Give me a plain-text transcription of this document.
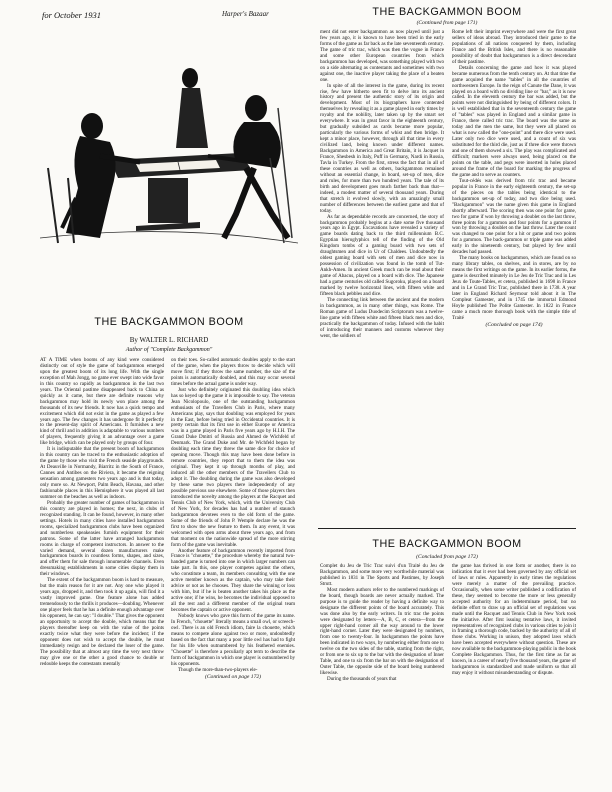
for October 1931	Harper's Bazaar
THE BACKGAMMON BOOM
By WALTER L. RICHARD
Author of "Complete Backgammon"

AT A TIME when booms of any kind were considered distinctly out of style the game of backgammon emerged upon the greatest boom of its long life. With the single exception of Mah Jongg, no game ever swept into wide favor in this country so rapidly as backgammon in the last two years. The Oriental pastime disappeared back to China as quickly as it came, but there are definite reasons why backgammon may hold its newly won place among the thousands of its new friends. It now has a quick tempo and excitement which did not exist in the game as played a few years ago. The few changes it has undergone fit it perfectly to the present-day spirit of Americans. It furnishes a new kind of thrill and in addition is adaptable to various numbers of players, frequently giving it an advantage over a game like bridge, which can be played only by groups of four.

It is indisputable that the present boom of backgammon in this country can be traced to the enthusiastic adoption of the game by those who visit the French seaside playgrounds. At Deauville in Normandy, Biarritz in the South of France, Cannes and Antibes on the Riviera, it became the reigning sensation among gamesters two years ago and is that today, only more so. At Newport, Palm Beach, Havana, and other fashionable places in this Hemisphere it was played all last summer on the beaches as well as indoors.

Probably the greater number of games of backgammon in this country are played in homes; the next, in clubs of recognized standing. It can be found, however, in many other settings. Hotels in many cities have installed backgammon rooms, specialized backgammon clubs have been organized and numberless speakeasies furnish equipment for their patrons. Some of the latter have arranged backgammon rooms in charge of competent instructors. In answer to the varied demand, several dozen manufacturers make backgammon boards in countless forms, shapes, and sizes, and offer them for sale through innumerable channels. Even dressmaking establishments in some cities display them in their windows.

The extent of the backgammon boom is hard to measure, but the main reason for it are not. Any one who played it years ago, dropped it, and then took it up again, will find it a vastly improved game. One feature alone has added tremendously to the thrills it produces—doubling. Whenever one player feels that he has a definite enough advantage over his opponent, he can say: "I double." That gives the opponent an opportunity to accept the double, which means that the players thereafter keep on with the value of the points exactly twice what they were before the incident; if the opponent does not wish to accept the double, he must immediately resign and be declared the loser of the game. The possibility that at almost any time the very next throw may give one or the other a good chance to double or redouble keeps the contestants mentally

on their toes. So-called automatic doubles apply to the start of the game, when the players throw to decide which will move first; if they throw the same number, the size of the points is automatically doubled, and this may occur several times before the actual game is under way.

Just who definitely originated this doubling idea which has so keyed up the game it is impossible to say. The veteran Jean Nicolopoulo, one of the outstanding backgammon enthusiasts of the Travellers Club in Paris, where many Americans play, says that doubling was employed for years in the East, before being tried in Occidental countries. It is pretty certain that its first use in either Europe or America was in a game played in Paris five years ago by H.I.H. The Grand Duke Dmitri of Russia and Ahmed de Wichfeld of Denmark. The Grand Duke and Mr. de Wichfeld began by doubling each time they threw the same dice for choice of opening move. Though this may have been done before in remote countries, they report that to them the idea was original. They kept it up through months of play, and induced all the other members of the Travellers Club to adopt it. The doubling during the game was also developed by these same two players there independently of any possible previous use elsewhere. Some of those players then introduced the novelty among the players at the Racquet and Tennis Club of New York, which, with the University Club of New York, for decades has had a number of staunch backgammon devotees even to the old form of the game. Some of the friends of John P. Wemple declare he was the first to show the new feature to them. In any event, it was welcomed with open arms about three years ago, and from that moment on the nationwide spread of the more stirring form of the game was inevitable.

Another feature of backgammon recently imported from France is "chouette," the procedure whereby the natural two-handed game is turned into one in which larger numbers can take part. In this, one player competes against the others, who constitute a team, its members consulting with the one active member known as the captain, who may take their advice or not as he chooses. They share the winning or loss with him, but if he is beaten another takes his place as the active one; if he wins, he becomes the individual opposed to all the rest and a different member of the original team becomes the captain or active opponent.

Nobody knows who gave this form of the game its name. In French, "chouette" literally means a small owl, or screech-owl. There is an old French idiom, faire la chouette, which means to compete alone against two or more, undoubtedly based on the fact that many a poor little owl has had to fight for his life when outnumbered by his feathered enemies. "Chouette" is therefore a peculiarly apt term to describe the form of backgammon in which one player is outnumbered by his opponents.

Though the more-than-two-players ele-

(Continued on page 172)
THE BACKGAMMON BOOM
(Continued from page 171)

ment did not enter backgammon as now played until just a few years ago, it is known to have been tried in the early forms of the game as far back as the late seventeenth century. The game of tric trac, which was then the vogue in France and some other European countries from which backgammon has developed, was something played with two on a side alternating as contestants and sometimes with two against one, the inactive player taking the place of a beaten one.

In spite of all the interest in the game, during its recent rise, few have hitherto seen fit to delve into its ancient history and present the authentic story of its origin and development. Most of its biographers have contented themselves by revealing it as a game played in early times by royalty and the nobility, later taken up by the smart set everywhere. It was in great favor in the eighteenth century, but gradually subsided as cards became more popular, particularly the various forms of whist and then bridge. It kept a minor place, however, through all that time in every civilized land, being known under different names. Backgammon in America and Great Britain, it is Jacquet in France, Shesbesh in Italy, Puff in Germany, Nardi in Russia, Tavla in Turkey. From the first, stress the fact that in all of these countries as well as others, backgammon remained without an essential change, in board, set-up of men, dice and rules, for more than two hundred years. The tale of its birth and development goes much farther back than that—indeed, a modest matter of several thousand years. During that stretch it evolved slowly, with an amazingly small number of differences between the earliest game and that of today.

As far as dependable records are concerned, the story of backgammon probably begins at a date some five thousand years ago in Egypt. Excavations have revealed a variety of game boards dating back to the third millennium B.C. Egyptian hieroglyphics tell of the finding of the Old Kingdom tombs of a gaming board with two sets of draughtsmen and dice in Ur of Chaldees. Undoubtedly the oldest gaming board with sets of men and dice now in possession of civilization was found in the tomb of Tut-Ankh-Amen. In ancient Greek much can be read about their game of Abacus, played on a board with dice. The Japanese had a game centuries old called Sugoroku, played on a board marked by twelve horizontal lines, with fifteen white and fifteen black pebbles and dice.

The connecting link between the ancient and the modern in backgammon, as in many other things, was Rome. The Roman game of Ludus Duodecim Scriptorum was a twelve-line game with fifteen white and fifteen black men and dice, practically the backgammon of today. Infused with the habit of introducing their manners and customs wherever they went, the soldiers of

Rome left their imprint everywhere and were the first great sellers of ideas abroad. They introduced their game to the populations of all nations conquered by them, including France and the British Isles, and there is no reasonable possibility of doubt that backgammon is a direct descendant of their pastime.

Details concerning the game and how it was played became numerous from the tenth century on. At that time the game acquired the name "tables" in all the countries of northwestern Europe. In the reign of Canute the Dane, it was played on a board with no dividing line or "bar," as it is now called. In the eleventh century the bar was added, but the points were not distinguished by being of different colors. It is well established that in the seventeenth century the game of "tables" was played in England and a similar game in France, there called tric trac. The board was the same as today and the men the same, but they were all placed on what is now called the "one-point" and there dice were used. Later only two dice were used, and a count of six was substituted for the third die, just as if three dice were thrown and one of them showed a six. The play was complicated and difficult; markers were always used, being placed on the points on the table, and pegs were inserted in holes placed around the frame of the board for marking the progress of the game and to serve as counters.

Tout-cédés was derived from tric trac and became popular in France in the early eighteenth century, the set-up of the pieces on the tables being identical to the backgammon set-up of today, and two dice being used. "Backgammon" was the name given this game in England shortly afterward. The scoring then was one point for game, two for game if won by throwing a doublet on the last throw, three points for a gammon and four points for a gammon if won by throwing a doublet on the last throw. Later the count was changed to one point for a hit or game and two points for a gammon. The back-gammon or triple game was added early in the nineteenth century, but played by few until decades had passed.

The many books on backgammon, which are found on so many library tables, on shelves, and in stores, are by no means the first writings on the game. In its earlier forms, the game is described minutely in Le Jeu de Tric Trac and in Les Jeux de Toute-Tables, et cetera, published in 1698 in France and in Le Grand Tric Trac, published there in 1738. A year later in England Richard Seymour told about it in The Compleat Gamester, and in 1745 the immortal Edmond Hoyle published The Polite Gamester. In 1822 in France came a much more thorough book with the simple title of Traité

(Concluded on page 174)
THE BACKGAMMON BOOM
(Concluded from page 172)

Complet du Jeu de Tric Trac suivi d'un Traité du Jeu de Backgammon, and some more very worthwhile material was published in 1831 in The Sports and Pastimes, by Joseph Strutt.

Most modern authors refer to the numbered markings of the board, though boards are never actually marked. The purpose is to guide the reader by having a definite way to designate the different points of the board accurately. This was done also by the early writers. In tric trac the points were designated by letters—A, B, C, et cetera—from the upper right-hand corner all the way around to the lower right-hand corner. Later they were designated by numbers, from one to twenty-four. In backgammon the points have been indicated in two ways, by numbering either from one to twelve on the two sides of the table, starting from the right, or from one to six up to the bar with the designation of Inner Table, and one to six from the bar on with the designation of Outer Table, the opposite side of the board being numbered likewise.

During the thousands of years that

the game has thrived in one form or another, there is no indication that it ever had been governed by any official set of laws or rules. Apparently in early times the regulations were merely a matter of the prevailing practice. Occasionally, when some writer published a codification of these, they seemed to become the more or less generally accepted authority for an indeterminate period, but no definite effort to draw up an official set of regulations was made until the Racquet and Tennis Club in New York took the initiative. After first issuing tentative laws, it invited representatives of recognized clubs in various cities to join it in framing a thorough code, backed by the authority of all of those clubs. Working in unison, they adopted laws which have been accepted everywhere without question. These are now available to the backgammon-playing public in the book Complete Backgammon. Thus, for the first time as far as known, in a career of nearly five thousand years, the game of backgammon is standardized and made uniform so that all may enjoy it without misunderstanding or dispute.
